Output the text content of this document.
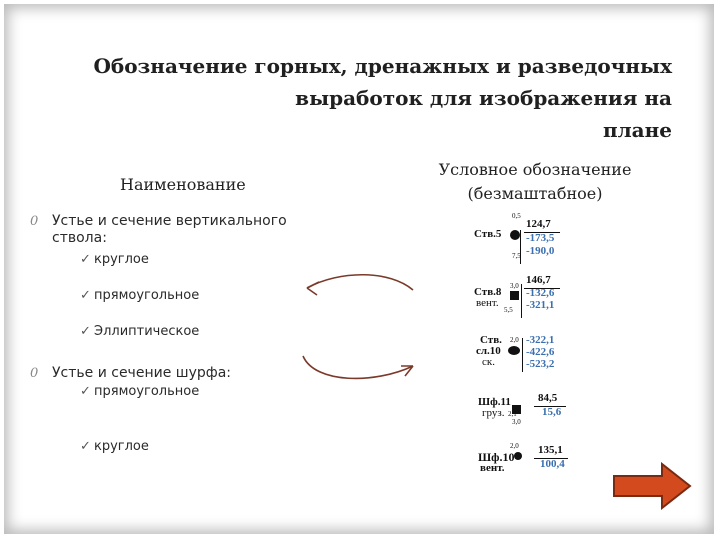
Обозначение горных, дренажных и разведочных
выработок для изображения на
плане
Наименование
Условное обозначение
(безмаштабное)
0 Устье и сечение вертикального
ствола:
✓ круглое
✓ прямоугольное
✓ Эллиптическое
0 Устье и сечение шурфа:
✓ прямоугольное
✓ круглое
0,5
Ств.5
124,7
-173,5
-190,0
7,5
Ств.8
вент.
3,0 146,7
-132,6
-321,1
5,5
Ств.
сл.10
ск.
2,0 -322,1
-422,6
-523,2
Шф.11
груз. 2,1
3,0
84,5
15,6
Шф.10
вент.
2,0 135,1
100,4
